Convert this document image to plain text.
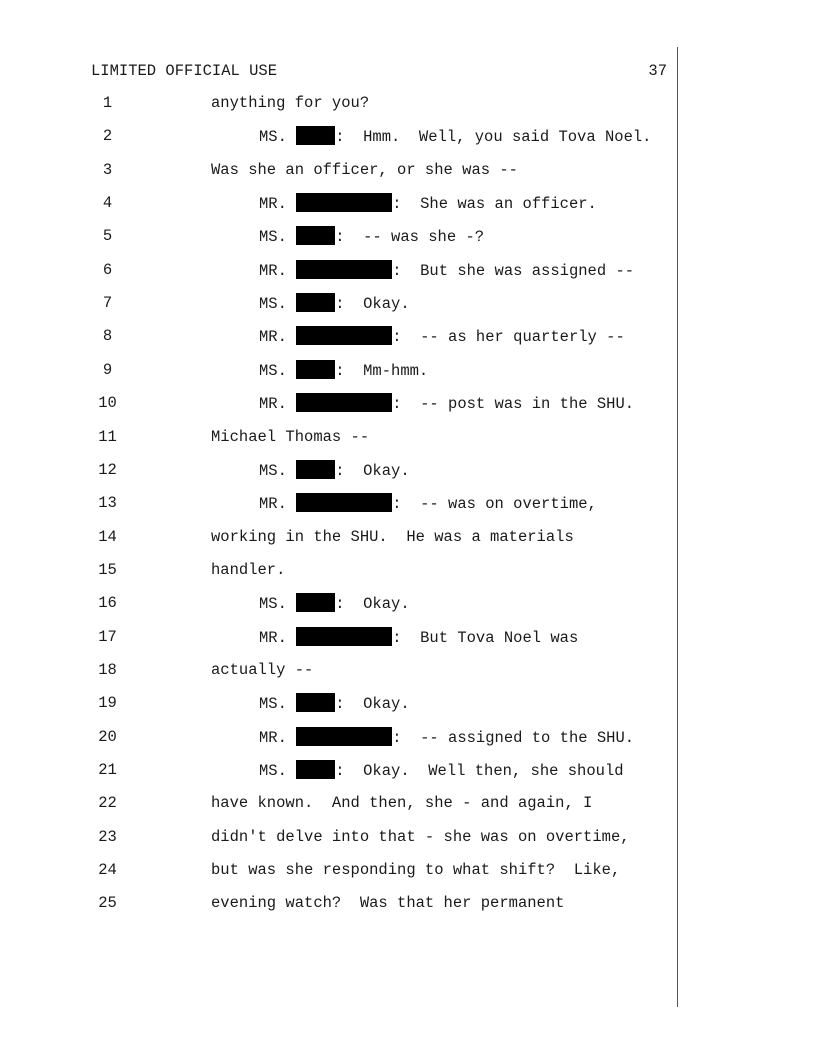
LIMITED OFFICIAL USE	37
1	anything for you?
2	MS.	:  Hmm.  Well, you said Tova Noel.
3	Was she an officer, or she was --
4	MR.	:  She was an officer.
5	MS.	:  -- was she -?
6	MR.	:  But she was assigned --
7	MS.	:  Okay.
8	MR.	:  -- as her quarterly --
9	MS.	:  Mm-hmm.
10	MR.	:  -- post was in the SHU.
11	Michael Thomas --
12	MS.	:  Okay.
13	MR.	:  -- was on overtime,
14	working in the SHU.  He was a materials
15	handler.
16	MS.	:  Okay.
17	MR.	:  But Tova Noel was
18	actually --
19	MS.	:  Okay.
20	MR.	:  -- assigned to the SHU.
21	MS.	:  Okay.  Well then, she should
22	have known.  And then, she - and again, I
23	didn't delve into that - she was on overtime,
24	but was she responding to what shift?  Like,
25	evening watch?  Was that her permanent
